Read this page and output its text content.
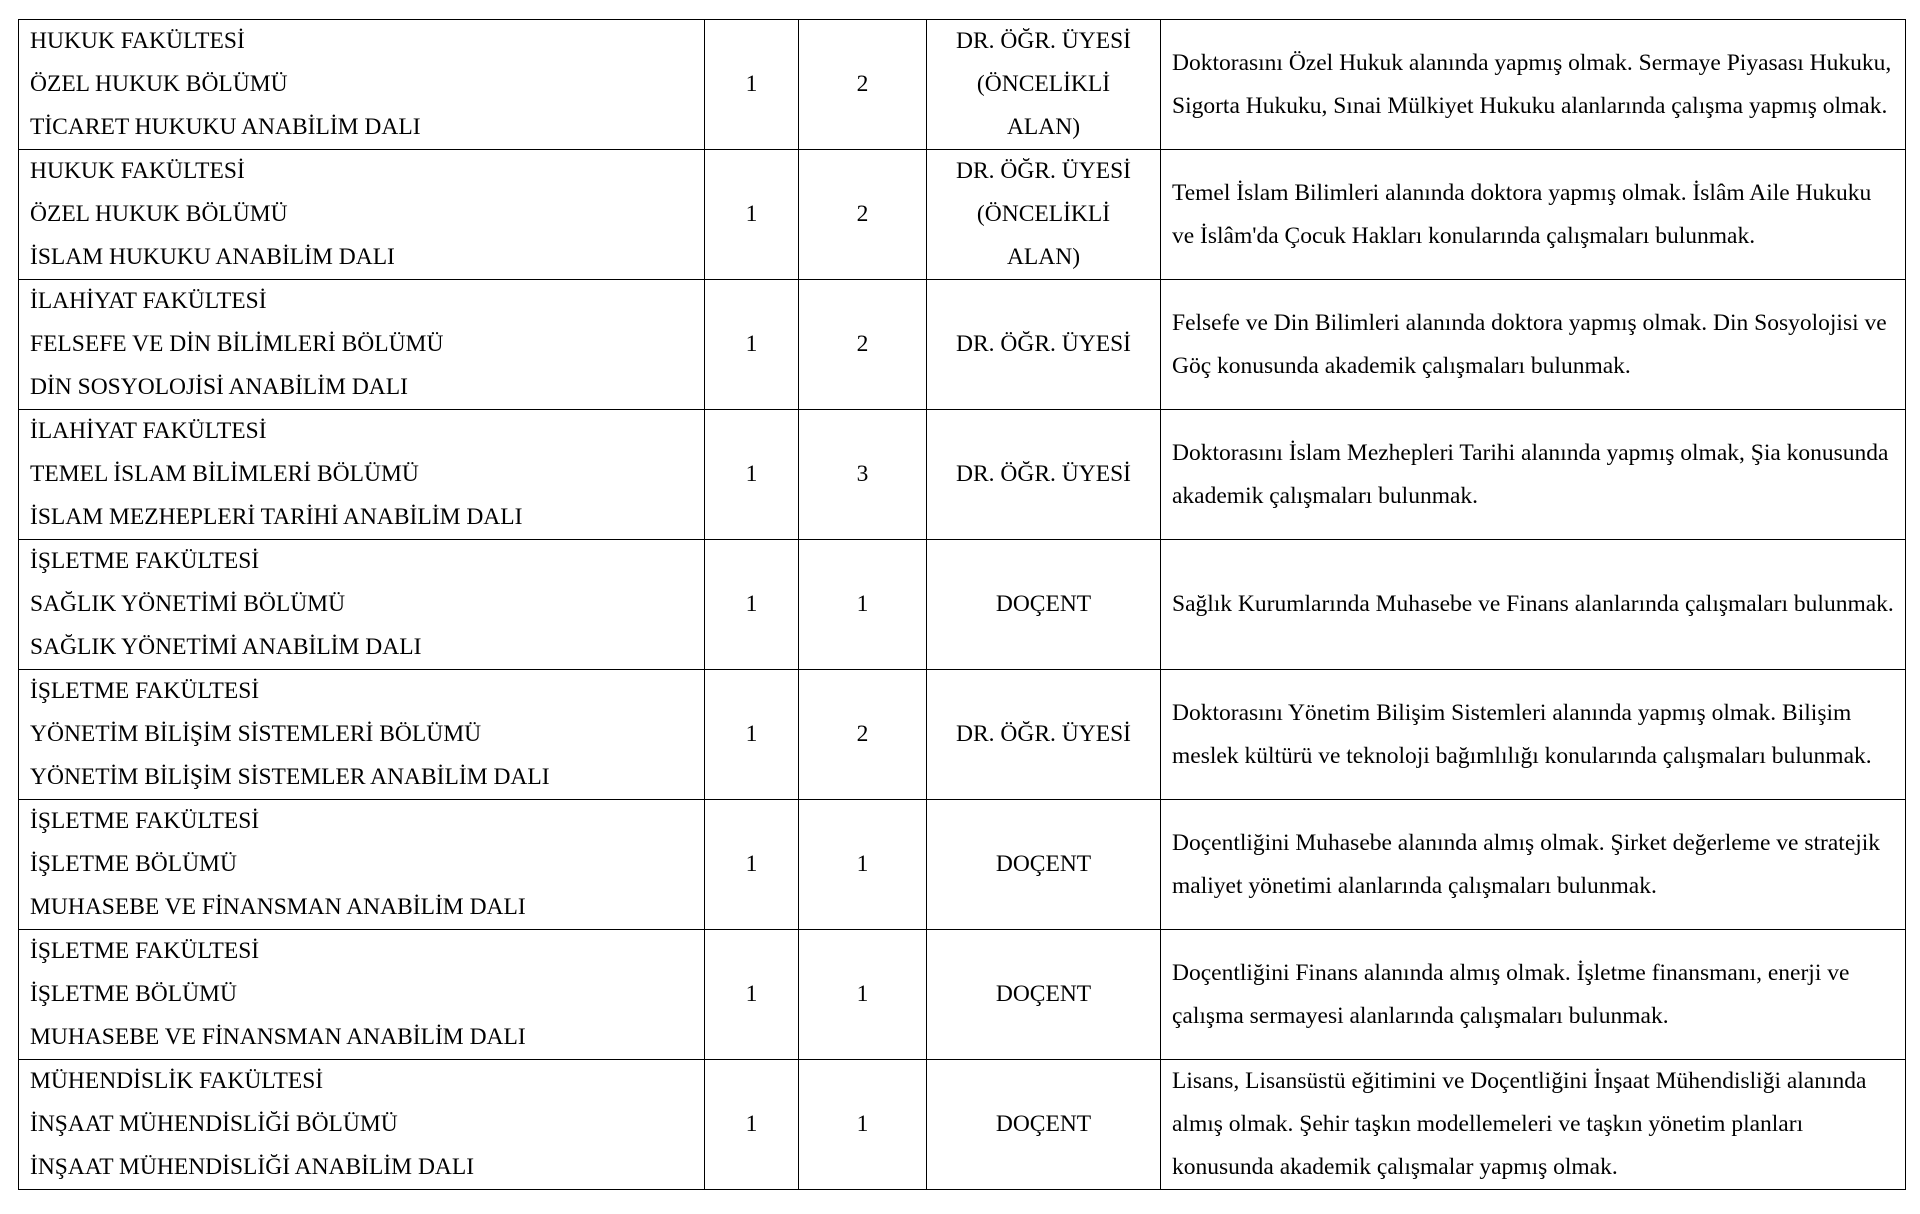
HUKUK FAKÜLTESİ
ÖZEL HUKUK BÖLÜMÜ
TİCARET HUKUKU ANABİLİM DALI	1	2	DR. ÖĞR. ÜYESİ
(ÖNCELİKLİ
ALAN)	Doktorasını Özel Hukuk alanında yapmış olmak. Sermaye Piyasası Hukuku, Sigorta Hukuku, Sınai Mülkiyet Hukuku alanlarında çalışma yapmış olmak.

HUKUK FAKÜLTESİ
ÖZEL HUKUK BÖLÜMÜ
İSLAM HUKUKU ANABİLİM DALI	1	2	DR. ÖĞR. ÜYESİ
(ÖNCELİKLİ
ALAN)	Temel İslam Bilimleri alanında doktora yapmış olmak. İslâm Aile Hukuku ve İslâm'da Çocuk Hakları konularında çalışmaları bulunmak.

İLAHİYAT FAKÜLTESİ
FELSEFE VE DİN BİLİMLERİ BÖLÜMÜ
DİN SOSYOLOJİSİ ANABİLİM DALI	1	2	DR. ÖĞR. ÜYESİ	Felsefe ve Din Bilimleri alanında doktora yapmış olmak. Din Sosyolojisi ve Göç konusunda akademik çalışmaları bulunmak.

İLAHİYAT FAKÜLTESİ
TEMEL İSLAM BİLİMLERİ BÖLÜMÜ
İSLAM MEZHEPLERİ TARİHİ ANABİLİM DALI	1	3	DR. ÖĞR. ÜYESİ	Doktorasını İslam Mezhepleri Tarihi alanında yapmış olmak, Şia konusunda akademik çalışmaları bulunmak.

İŞLETME FAKÜLTESİ
SAĞLIK YÖNETİMİ BÖLÜMÜ
SAĞLIK YÖNETİMİ ANABİLİM DALI	1	1	DOÇENT	Sağlık Kurumlarında Muhasebe ve Finans alanlarında çalışmaları bulunmak.

İŞLETME FAKÜLTESİ
YÖNETİM BİLİŞİM SİSTEMLERİ BÖLÜMÜ
YÖNETİM BİLİŞİM SİSTEMLER ANABİLİM DALI	1	2	DR. ÖĞR. ÜYESİ	Doktorasını Yönetim Bilişim Sistemleri alanında yapmış olmak. Bilişim meslek kültürü ve teknoloji bağımlılığı konularında çalışmaları bulunmak.

İŞLETME FAKÜLTESİ
İŞLETME BÖLÜMÜ
MUHASEBE VE FİNANSMAN ANABİLİM DALI	1	1	DOÇENT	Doçentliğini Muhasebe alanında almış olmak. Şirket değerleme ve stratejik maliyet yönetimi alanlarında çalışmaları bulunmak.

İŞLETME FAKÜLTESİ
İŞLETME BÖLÜMÜ
MUHASEBE VE FİNANSMAN ANABİLİM DALI	1	1	DOÇENT	Doçentliğini Finans alanında almış olmak. İşletme finansmanı, enerji ve çalışma sermayesi alanlarında çalışmaları bulunmak.

MÜHENDİSLİK FAKÜLTESİ
İNŞAAT MÜHENDİSLİĞİ BÖLÜMÜ
İNŞAAT MÜHENDİSLİĞİ ANABİLİM DALI	1	1	DOÇENT	Lisans, Lisansüstü eğitimini ve Doçentliğini İnşaat Mühendisliği alanında almış olmak. Şehir taşkın modellemeleri ve taşkın yönetim planları konusunda akademik çalışmalar yapmış olmak.
